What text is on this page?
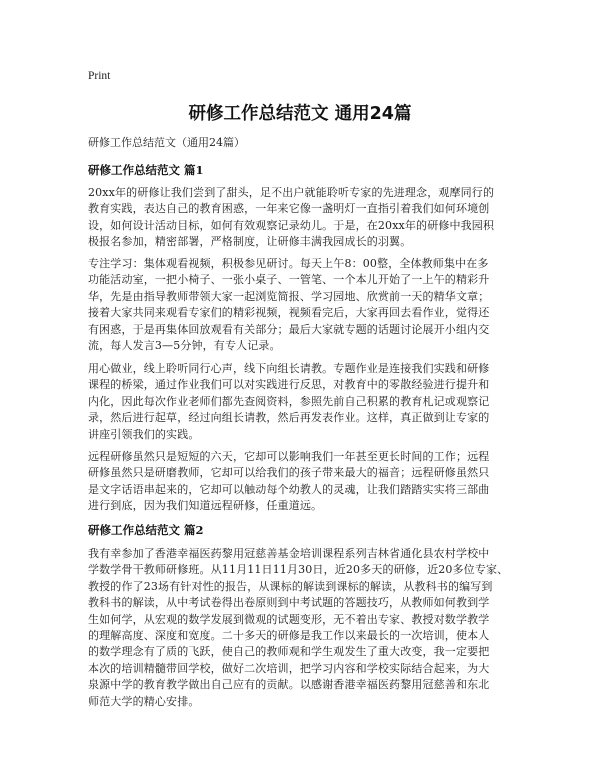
Print
研修工作总结范文 通用24篇
研修工作总结范文（通用24篇）
研修工作总结范文 篇1
20xx年的研修让我们尝到了甜头，足不出户就能聆听专家的先进理念，观摩同行的
教育实践，表达自己的教育困惑，一年来它像一盏明灯一直指引着我们如何环境创
设，如何设计活动目标，如何有效观察记录幼儿。于是，在20xx年的研修中我园积
极报名参加，精密部署，严格制度，让研修丰满我园成长的羽翼。
专注学习：集体观看视频，积极参见研讨。每天上午8：00整，全体教师集中在多
功能活动室，一把小椅子、一张小桌子、一管笔、一个本儿开始了一上午的精彩升
华，先是由指导教师带领大家一起浏览简报、学习园地、欣赏前一天的精华文章；
接着大家共同来观看专家们的精彩视频，视频看完后，大家再回去看作业，觉得还
有困惑，于是再集体回放观看有关部分；最后大家就专题的话题讨论展开小组内交
流，每人发言3—5分钟，有专人记录。
用心做业，线上聆听同行心声，线下向组长请教。专题作业是连接我们实践和研修
课程的桥梁，通过作业我们可以对实践进行反思，对教育中的零散经验进行提升和
内化，因此每次作业老师们都先查阅资料，参照先前自己积累的教育札记或观察记
录，然后进行起草，经过向组长请教，然后再发表作业。这样，真正做到让专家的
讲座引领我们的实践。
远程研修虽然只是短短的六天，它却可以影响我们一年甚至更长时间的工作；远程
研修虽然只是研磨教师，它却可以给我们的孩子带来最大的福音；远程研修虽然只
是文字话语串起来的，它却可以触动每个幼教人的灵魂，让我们踏踏实实将三部曲
进行到底，因为我们知道远程研修，任重道远。
研修工作总结范文 篇2
我有幸参加了香港幸福医药黎用冠慈善基金培训课程系列吉林省通化县农村学校中
学数学骨干教师研修班。从11月11日11月30日，近20多天的研修，近20多位专家、
教授的作了23场有针对性的报告，从课标的解读到课标的解读，从教科书的编写到
教科书的解读，从中考试卷得出卷原则到中考试题的答题技巧，从教师如何教到学
生如何学，从宏观的数学发展到微观的试题变形，无不着出专家、教授对数学教学
的理解高度、深度和宽度。二十多天的研修是我工作以来最长的一次培训，使本人
的数学理念有了质的飞跃，使自己的教师观和学生观发生了重大改变，我一定要把
本次的培训精髓带回学校，做好二次培训，把学习内容和学校实际结合起来，为大
泉源中学的教育教学做出自己应有的贡献。以感谢香港幸福医药黎用冠慈善和东北
师范大学的精心安排。
